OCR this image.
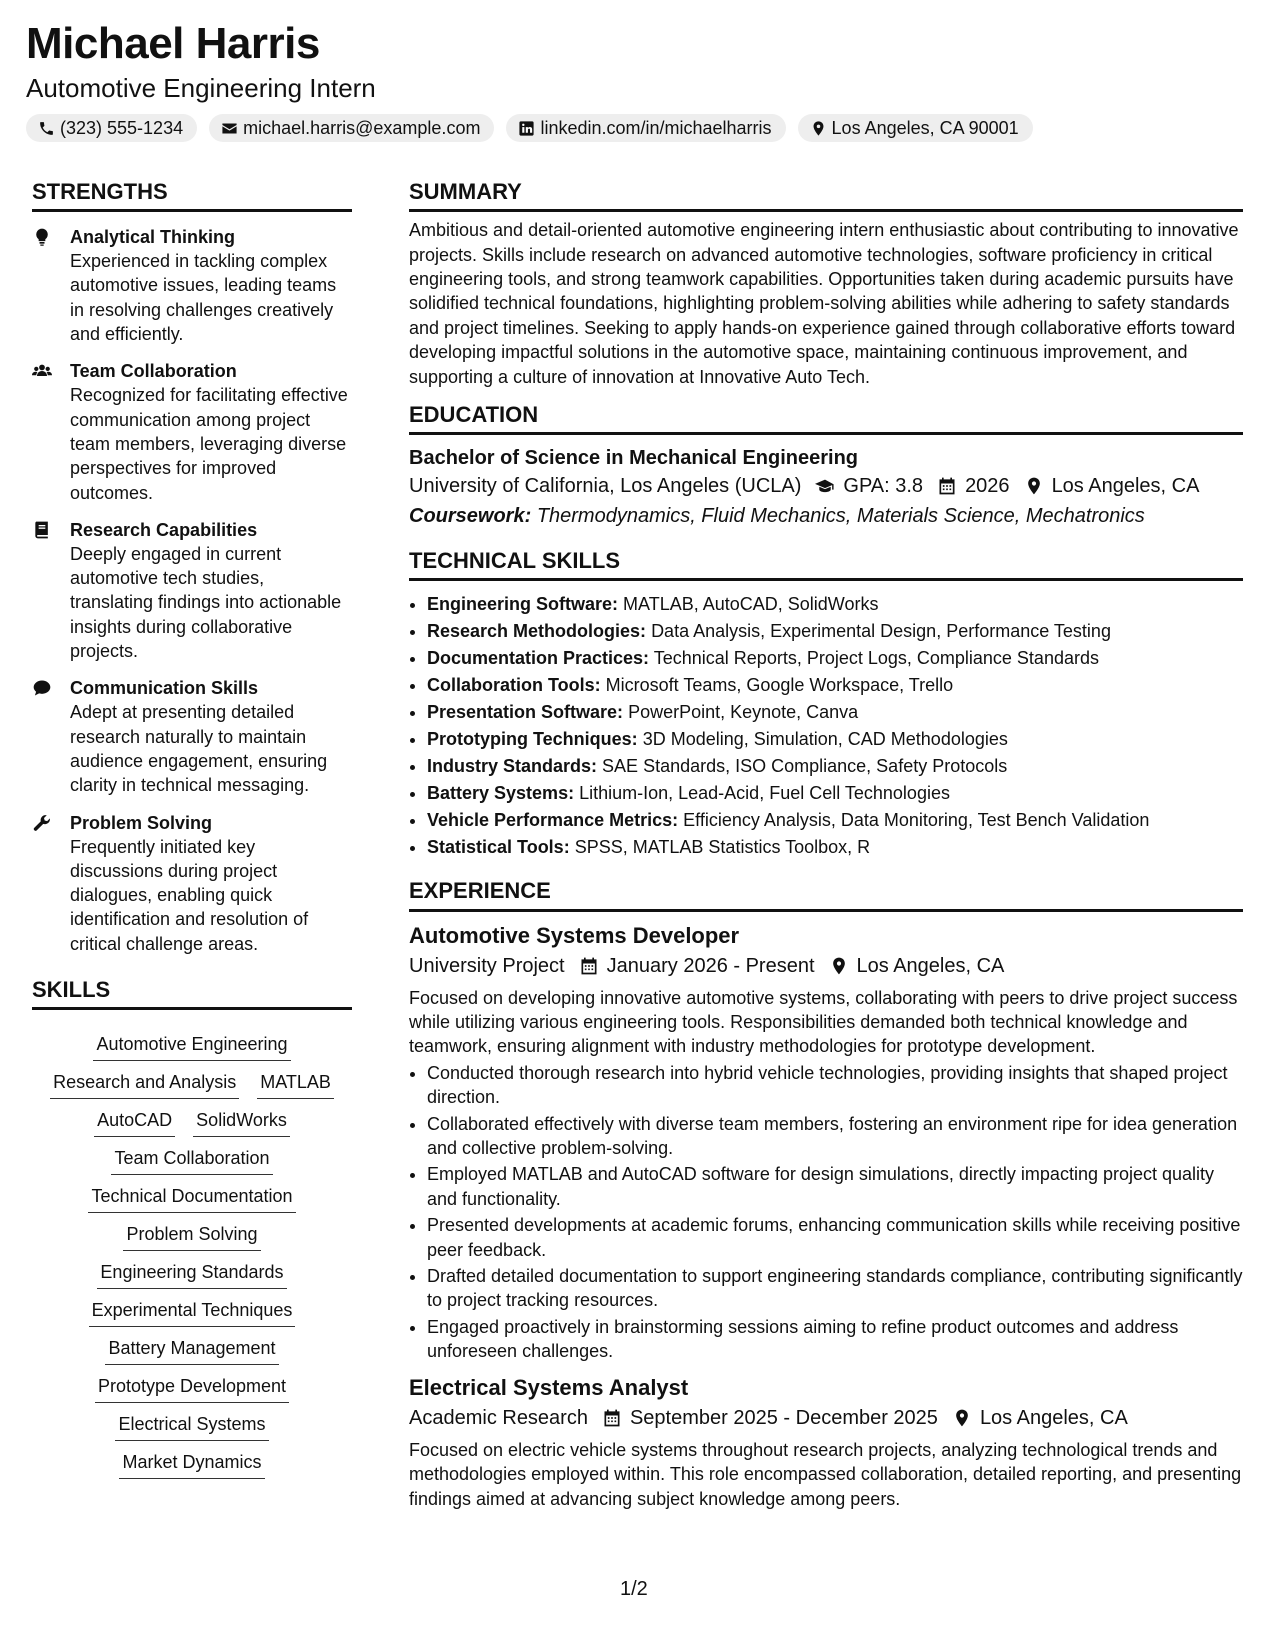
Michael Harris
Automotive Engineering Intern
(323) 555-1234	michael.harris@example.com	linkedin.com/in/michaelharris	Los Angeles, CA 90001
STRENGTHS
Analytical Thinking
Experienced in tackling complex automotive issues, leading teams in resolving challenges creatively and efficiently.
Team Collaboration
Recognized for facilitating effective communication among project team members, leveraging diverse perspectives for improved outcomes.
Research Capabilities
Deeply engaged in current automotive tech studies, translating findings into actionable insights during collaborative projects.
Communication Skills
Adept at presenting detailed research naturally to maintain audience engagement, ensuring clarity in technical messaging.
Problem Solving
Frequently initiated key discussions during project dialogues, enabling quick identification and resolution of critical challenge areas.
SKILLS
Automotive Engineering
Research and Analysis MATLAB
AutoCAD SolidWorks
Team Collaboration
Technical Documentation
Problem Solving
Engineering Standards
Experimental Techniques
Battery Management
Prototype Development
Electrical Systems
Market Dynamics
SUMMARY
Ambitious and detail-oriented automotive engineering intern enthusiastic about contributing to innovative projects. Skills include research on advanced automotive technologies, software proficiency in critical engineering tools, and strong teamwork capabilities. Opportunities taken during academic pursuits have solidified technical foundations, highlighting problem-solving abilities while adhering to safety standards and project timelines. Seeking to apply hands-on experience gained through collaborative efforts toward developing impactful solutions in the automotive space, maintaining continuous improvement, and supporting a culture of innovation at Innovative Auto Tech.
EDUCATION
Bachelor of Science in Mechanical Engineering
University of California, Los Angeles (UCLA) GPA: 3.8 2026 Los Angeles, CA
Coursework: Thermodynamics, Fluid Mechanics, Materials Science, Mechatronics
TECHNICAL SKILLS
• Engineering Software: MATLAB, AutoCAD, SolidWorks
• Research Methodologies: Data Analysis, Experimental Design, Performance Testing
• Documentation Practices: Technical Reports, Project Logs, Compliance Standards
• Collaboration Tools: Microsoft Teams, Google Workspace, Trello
• Presentation Software: PowerPoint, Keynote, Canva
• Prototyping Techniques: 3D Modeling, Simulation, CAD Methodologies
• Industry Standards: SAE Standards, ISO Compliance, Safety Protocols
• Battery Systems: Lithium-Ion, Lead-Acid, Fuel Cell Technologies
• Vehicle Performance Metrics: Efficiency Analysis, Data Monitoring, Test Bench Validation
• Statistical Tools: SPSS, MATLAB Statistics Toolbox, R
EXPERIENCE
Automotive Systems Developer
University Project January 2026 - Present Los Angeles, CA
Focused on developing innovative automotive systems, collaborating with peers to drive project success while utilizing various engineering tools. Responsibilities demanded both technical knowledge and teamwork, ensuring alignment with industry methodologies for prototype development.
• Conducted thorough research into hybrid vehicle technologies, providing insights that shaped project direction.
• Collaborated effectively with diverse team members, fostering an environment ripe for idea generation and collective problem-solving.
• Employed MATLAB and AutoCAD software for design simulations, directly impacting project quality and functionality.
• Presented developments at academic forums, enhancing communication skills while receiving positive peer feedback.
• Drafted detailed documentation to support engineering standards compliance, contributing significantly to project tracking resources.
• Engaged proactively in brainstorming sessions aiming to refine product outcomes and address unforeseen challenges.
Electrical Systems Analyst
Academic Research September 2025 - December 2025 Los Angeles, CA
Focused on electric vehicle systems throughout research projects, analyzing technological trends and methodologies employed within. This role encompassed collaboration, detailed reporting, and presenting findings aimed at advancing subject knowledge among peers.
1/2
